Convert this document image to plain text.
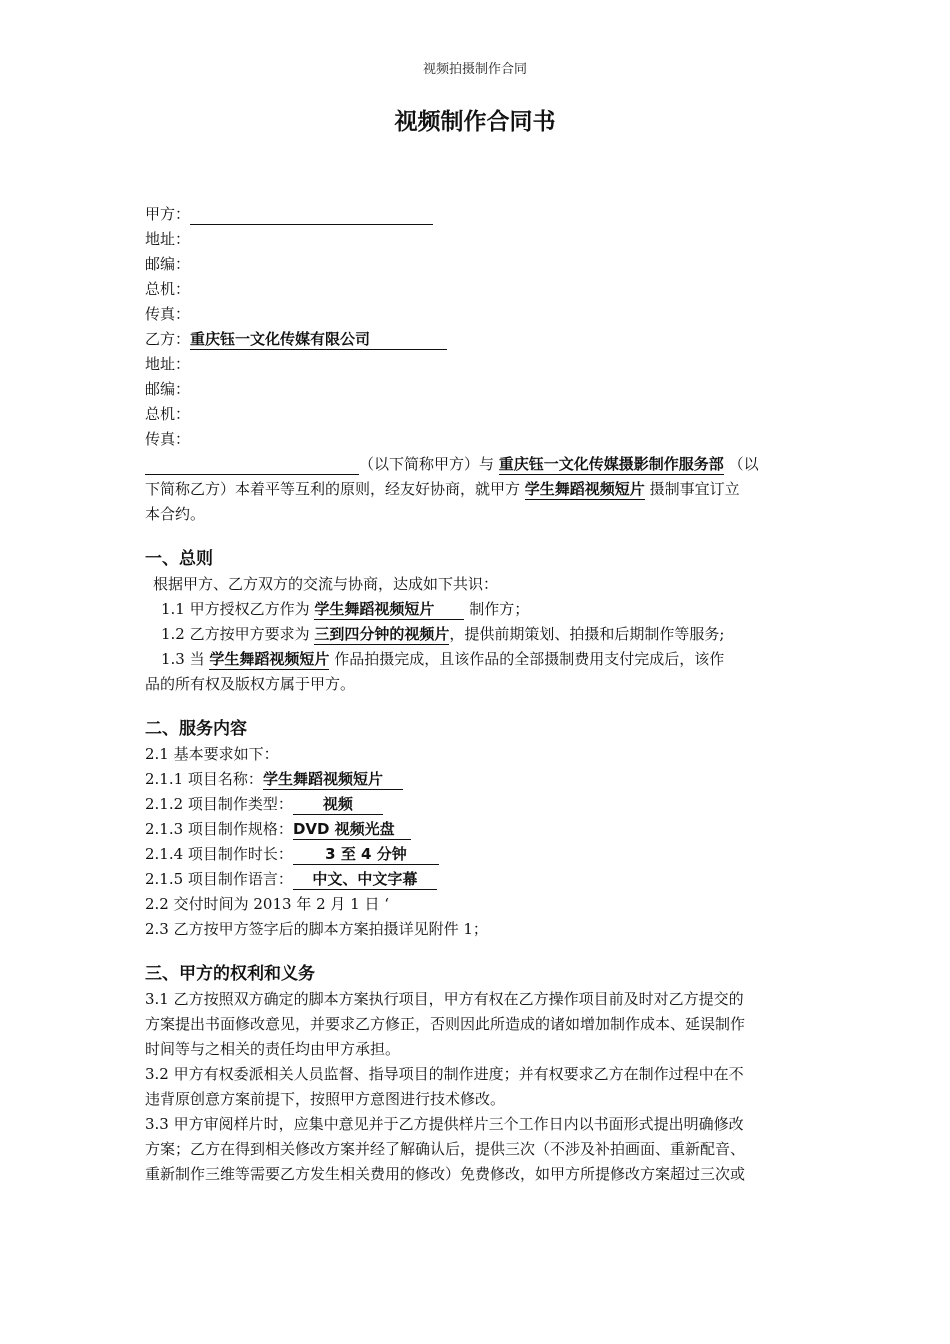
视频拍摄制作合同
视频制作合同书
甲方：
地址：
邮编：
总机：
传真：
乙方：重庆钰一文化传媒有限公司
地址：
邮编：
总机：
传真：
（以下简称甲方）与 重庆钰一文化传媒摄影制作服务部 （以
下简称乙方）本着平等互利的原则，经友好协商，就甲方 学生舞蹈视频短片 摄制事宜订立
本合约。
一、总则
根据甲方、乙方双方的交流与协商，达成如下共识：
1.1 甲方授权乙方作为 学生舞蹈视频短片 制作方；
1.2 乙方按甲方要求为 三到四分钟的视频片，提供前期策划、拍摄和后期制作等服务;
1.3 当 学生舞蹈视频短片 作品拍摄完成，且该作品的全部摄制费用支付完成后，该作
品的所有权及版权方属于甲方。
二、服务内容
2.1 基本要求如下：
2.1.1 项目名称：学生舞蹈视频短片
2.1.2 项目制作类型： 视频
2.1.3 项目制作规格：DVD 视频光盘
2.1.4 项目制作时长： 3 至 4 分钟
2.1.5 项目制作语言： 中文、中文字幕
2.2 交付时间为 2013 年 2 月 1 日 ‘
2.3 乙方按甲方签字后的脚本方案拍摄详见附件 1；
三、甲方的权利和义务
3.1 乙方按照双方确定的脚本方案执行项目，甲方有权在乙方操作项目前及时对乙方提交的
方案提出书面修改意见，并要求乙方修正，否则因此所造成的诸如增加制作成本、延误制作
时间等与之相关的责任均由甲方承担。
3.2 甲方有权委派相关人员监督、指导项目的制作进度；并有权要求乙方在制作过程中在不
违背原创意方案前提下，按照甲方意图进行技术修改。
3.3 甲方审阅样片时，应集中意见并于乙方提供样片三个工作日内以书面形式提出明确修改
方案；乙方在得到相关修改方案并经了解确认后，提供三次（不涉及补拍画面、重新配音、
重新制作三维等需要乙方发生相关费用的修改）免费修改，如甲方所提修改方案超过三次或
